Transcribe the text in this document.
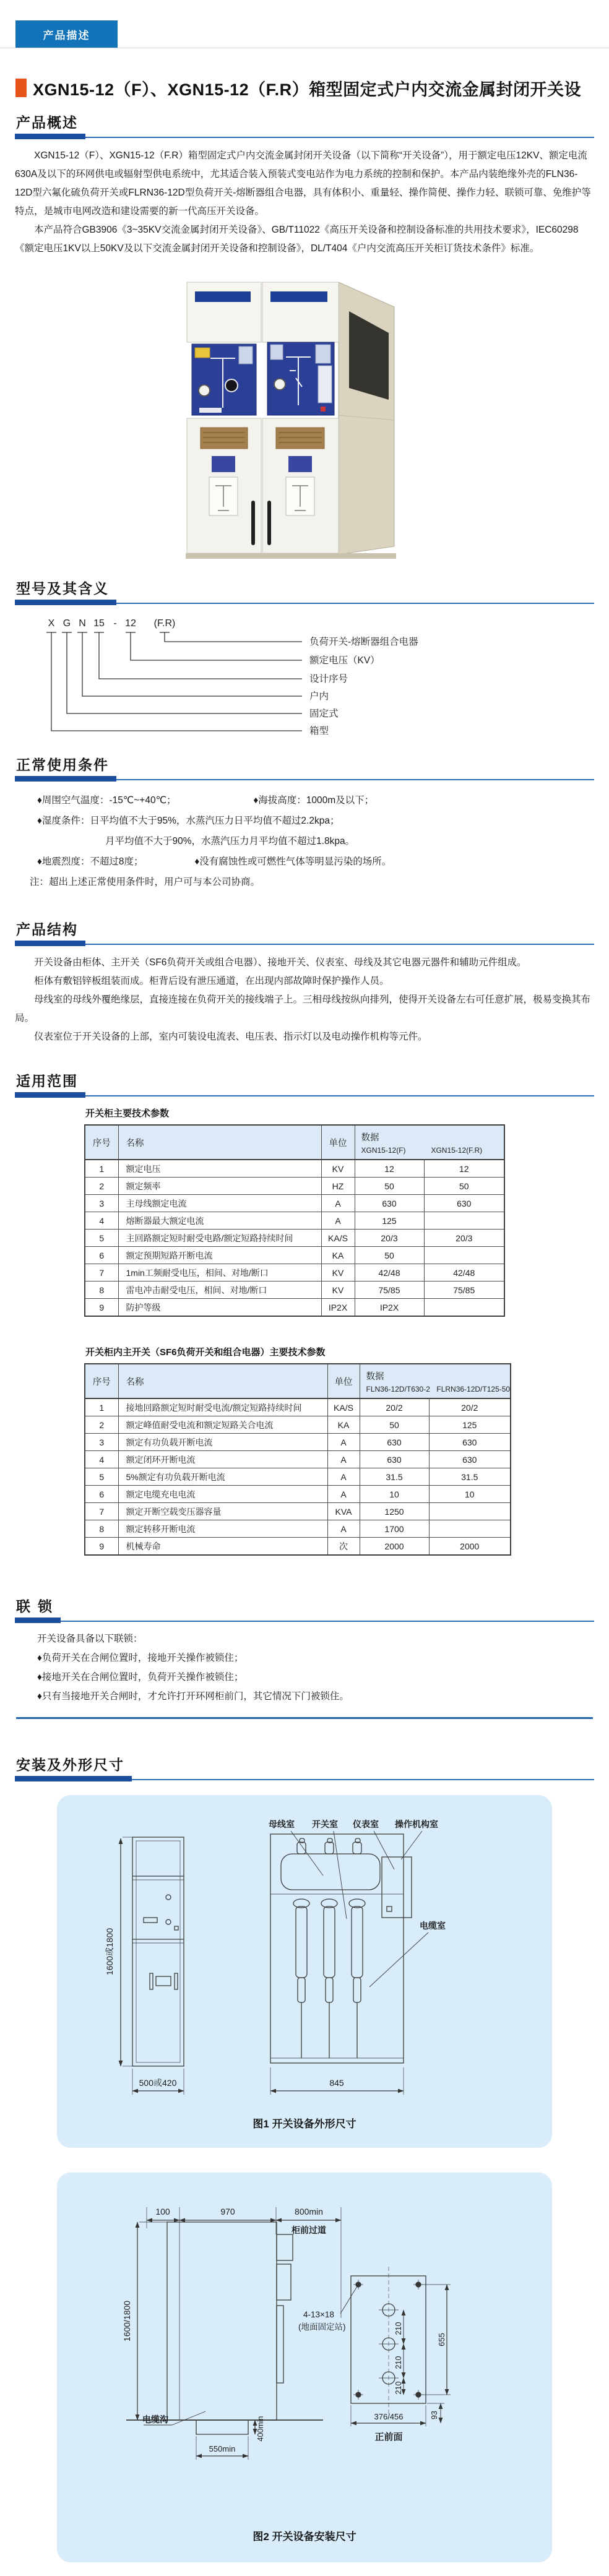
产品描述
XGN15-12（F）、XGN15-12（F.R）箱型固定式户内交流金属封闭开关设
产品概述

XGN15-12（F）、XGN15-12（F.R）箱型固定式户内交流金属封闭开关设备（以下简称“开关设备”），用于额定电压12KV、额定电流630A及以下的环网供电或辐射型供电系统中，尤其适合装入预装式变电站作为电力系统的控制和保护。本产品内装绝缘外壳的FLN36-12D型六氟化硫负荷开关或FLRN36-12D型负荷开关-熔断器组合电器，具有体积小、重量轻、操作简便、操作力轻、联锁可靠、免维护等特点，是城市电网改造和建设需要的新一代高压开关设备。

本产品符合GB3906《3~35KV交流金属封闭开关设备》、GB/T11022《高压开关设备和控制设备标准的共用技术要求》，IEC60298《额定电压1KV以上50KV及以下交流金属封闭开关设备和控制设备》，DL/T404《户内交流高压开关柜订货技术条件》标准。

型号及其含义
X G N 15 - 12 (F.R)
负荷开关-熔断器组合电器
额定电压（KV）
设计序号
户内
固定式
箱型
正常使用条件
♦周围空气温度：-15℃~+40℃；	♦海拔高度：1000m及以下；
♦湿度条件：日平均值不大于95%，水蒸汽压力日平均值不超过2.2kpa；
月平均值不大于90%，水蒸汽压力月平均值不超过1.8kpa。
♦地震烈度：不超过8度；	♦没有腐蚀性或可燃性气体等明显污染的场所。
注：超出上述正常使用条件时，用户可与本公司协商。
产品结构

开关设备由柜体、主开关（SF6负荷开关或组合电器）、接地开关、仪表室、母线及其它电器元器件和辅助元件组成。

柜体有敷铝锌板组装而成。柜背后设有泄压通道，在出现内部故障时保护操作人员。

母线室的母线外覆绝缘层，直接连接在负荷开关的接线端子上。三相母线按纵向排列，使得开关设备左右可任意扩展，极易变换其布局。

仪表室位于开关设备的上部，室内可装设电流表、电压表、指示灯以及电动操作机构等元件。

适用范围
开关柜主要技术参数
序号	名称	单位	数据
XGN15-12(F) XGN15-12(F.R)	

1	额定电压	KV	12	12
2	额定频率	HZ	50	50
3	主母线额定电流	A	630	630
4	熔断器最大额定电流	A	125	
5	主回路额定短时耐受电路/额定短路持续时间	KA/S	20/3	20/3
6	额定预期短路开断电流	KA	50	
7	1min工频耐受电压，相间、对地/断口	KV	42/48	42/48
8	雷电冲击耐受电压，相间、对地/断口	KV	75/85	75/85
9	防护等级	IP2X	IP2X	
开关柜内主开关（SF6负荷开关和组合电器）主要技术参数
序号	名称	单位	数据
FLN36-12D/T630-2 FLRN36-12D/T125-50	

1	接地回路额定短时耐受电流/额定短路持续时间	KA/S	20/2	20/2
2	额定峰值耐受电流和额定短路关合电流	KA	50	125
3	额定有功负载开断电流	A	630	630
4	额定闭环开断电流	A	630	630
5	5%额定有功负载开断电流	A	31.5	31.5
6	额定电缆充电电流	A	10	10
7	额定开断空载变压器容量	KVA	1250	
8	额定转移开断电流	A	1700	
9	机械寿命	次	2000	2000
联 锁
开关设备具备以下联锁：
♦负荷开关在合闸位置时，接地开关操作被锁住；
♦接地开关在合闸位置时，负荷开关操作被锁住；
♦只有当接地开关合闸时，才允许打开环网柜前门，其它情况下门被锁住。
安装及外形尺寸
母线室 开关室 仪表室 操作机构室
电缆室
1600或1800
500或420	845
图1 开关设备外形尺寸
100	970	800min
柜前过道
1600/1800
电缆沟	400min
550min
4-13×18
(地面固定站)	210
210
210
655
376/456	93
正前面
图2 开关设备安装尺寸
